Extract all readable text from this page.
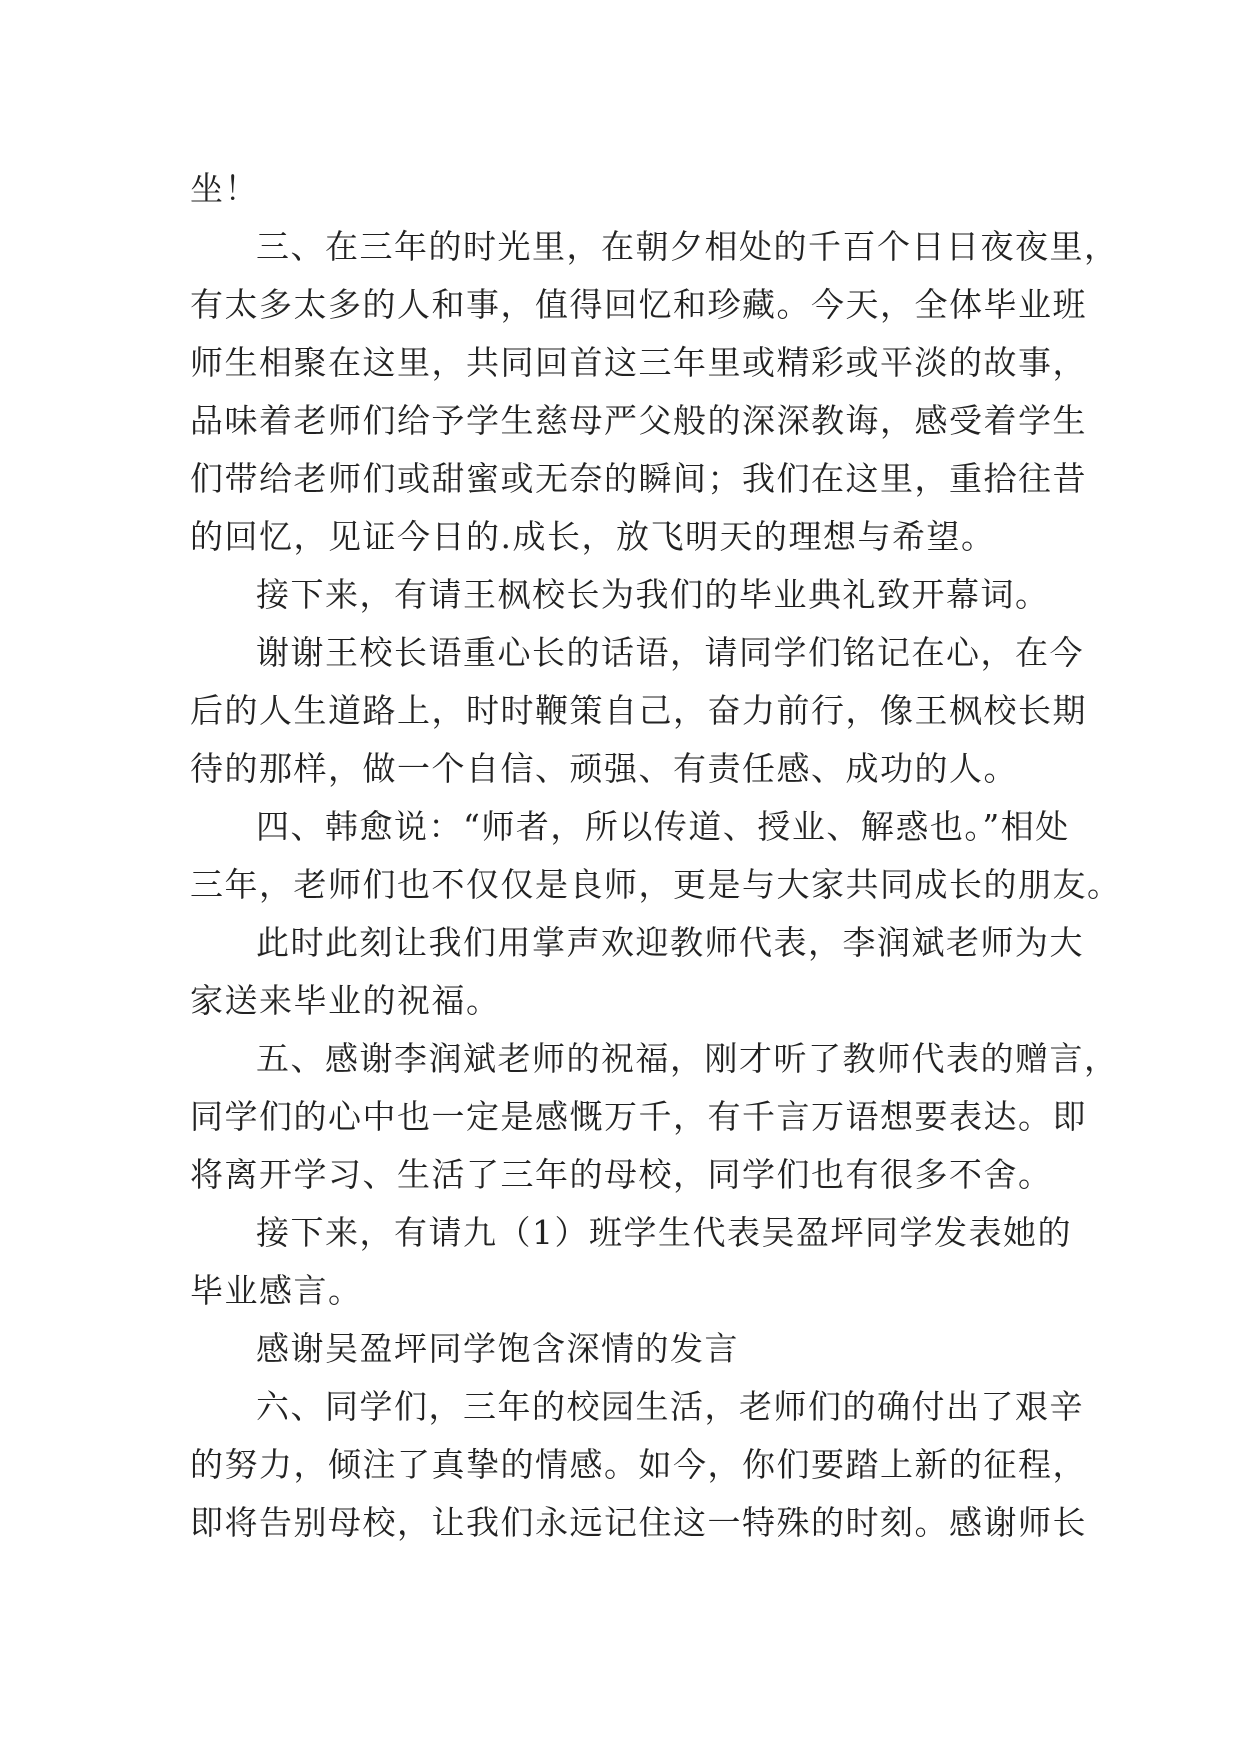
坐！
三、在三年的时光里，在朝夕相处的千百个日日夜夜里，
有太多太多的人和事，值得回忆和珍藏。今天，全体毕业班
师生相聚在这里，共同回首这三年里或精彩或平淡的故事，
品味着老师们给予学生慈母严父般的深深教诲，感受着学生
们带给老师们或甜蜜或无奈的瞬间；我们在这里，重拾往昔
的回忆，见证今日的.成长，放飞明天的理想与希望。
接下来，有请王枫校长为我们的毕业典礼致开幕词。
谢谢王校长语重心长的话语，请同学们铭记在心，在今
后的人生道路上，时时鞭策自己，奋力前行，像王枫校长期
待的那样，做一个自信、顽强、有责任感、成功的人。
四、韩愈说：“师者，所以传道、授业、解惑也。”相处
三年，老师们也不仅仅是良师，更是与大家共同成长的朋友。
此时此刻让我们用掌声欢迎教师代表，李润斌老师为大
家送来毕业的祝福。
五、感谢李润斌老师的祝福，刚才听了教师代表的赠言，
同学们的心中也一定是感慨万千，有千言万语想要表达。即
将离开学习、生活了三年的母校，同学们也有很多不舍。
接下来，有请九（1）班学生代表吴盈坪同学发表她的
毕业感言。
感谢吴盈坪同学饱含深情的发言
六、同学们，三年的校园生活，老师们的确付出了艰辛
的努力，倾注了真挚的情感。如今，你们要踏上新的征程，
即将告别母校，让我们永远记住这一特殊的时刻。感谢师长
